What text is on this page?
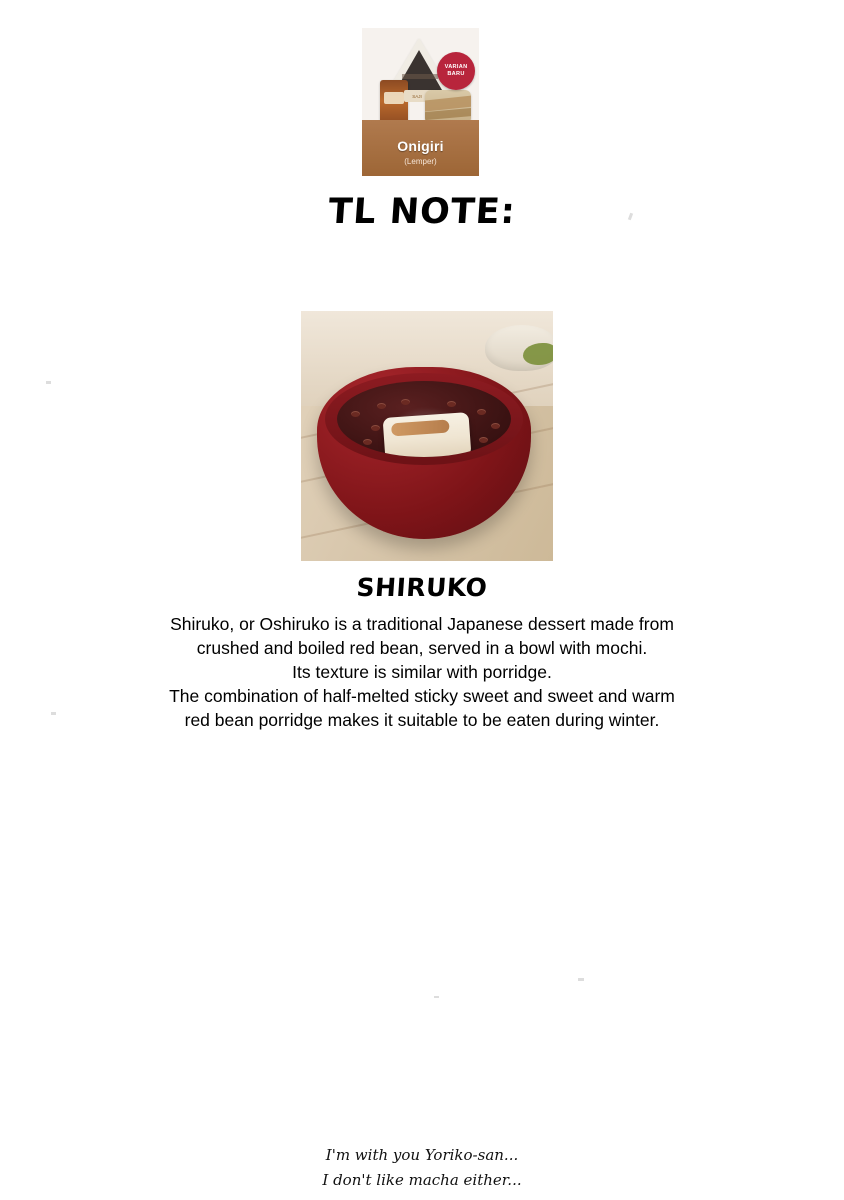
SAJI
VARIAN BARU
Onigiri
(Lemper)
TL NOTE:
SHIRUKO

Shiruko, or Oshiruko is a traditional Japanese dessert made from

crushed and boiled red bean, served in a bowl with mochi.

Its texture is similar with porridge.

The combination of half-melted sticky sweet and sweet and warm

red bean porridge makes it suitable to be eaten during winter.

I'm with you Yoriko-san...

I don't like macha either...
